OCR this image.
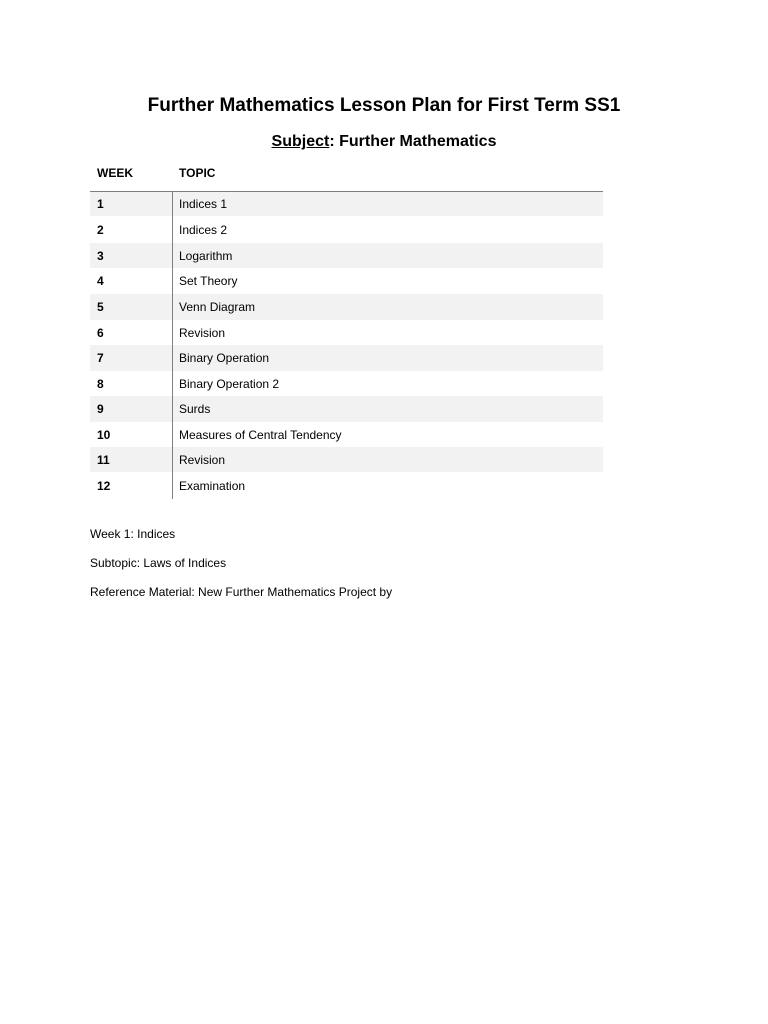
Further Mathematics Lesson Plan for First Term SS1
Subject: Further Mathematics
WEEK	TOPIC
1	Indices 1
2	Indices 2
3	Logarithm
4	Set Theory
5	Venn Diagram
6	Revision
7	Binary Operation
8	Binary Operation 2
9	Surds
10	Measures of Central Tendency
11	Revision
12	Examination
Week 1: Indices
Subtopic: Laws of Indices
Reference Material: New Further Mathematics Project by
